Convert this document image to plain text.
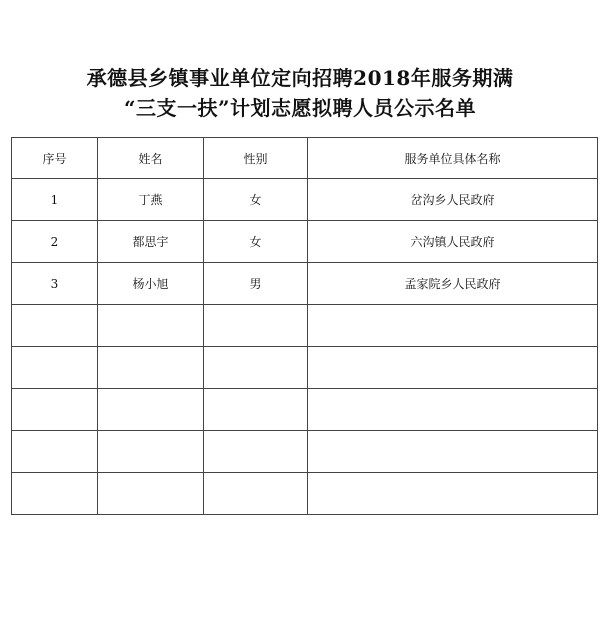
承德县乡镇事业单位定向招聘2018年服务期满
“三支一扶”计划志愿拟聘人员公示名单
序号	姓名	性别	服务单位具体名称
1	丁燕	女	岔沟乡人民政府
2	都思宇	女	六沟镇人民政府
3	杨小旭	男	孟家院乡人民政府
